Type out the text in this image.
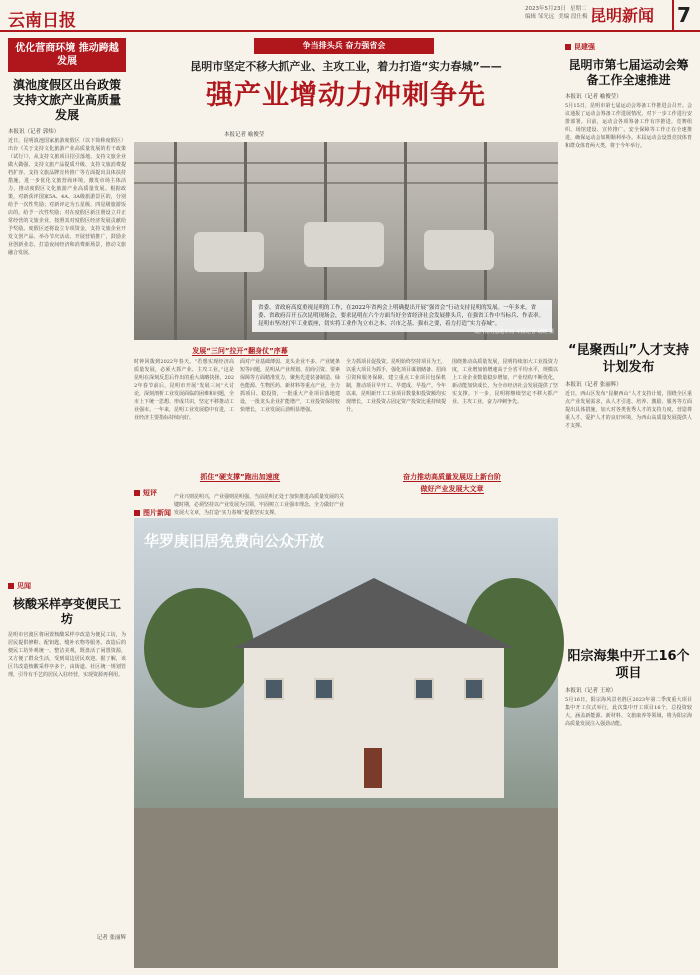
云南日报
2023年5月23日 星期二
编辑 邹光远 美编 段仕梅 昆明新闻 7
优化营商环境 推动跨越发展
滇池度假区出台政策支持文旅产业高质量发展
本报讯（记者 郭炜）
近日，昆明滇池国家旅游度假区（以下简称度假区）出台《关于支持文化旅游产业高质量发展的若干政策（试行）》，从支持文旅项目招引落地、支持文旅企业做大做强、支持文旅产品提质升级、支持文旅消费提档扩容、支持文旅品牌宣传推广等方面提出具体扶持措施，进一步优化文旅营商环境，激发市场主体活力，推动度假区文化旅游产业高质量发展。根据政策，对新获评国家5A、4A、3A级旅游景区的，分别给予一次性奖励；对新评定为五星级、四星级旅游饭店的，给予一次性奖励；对在度假区新注册设立并正常经营的文旅企业，按照其对度假区经济发展贡献给予奖励。度假区还将设立专项资金，支持文旅企业开发文创产品、举办节庆活动、开展营销推广，鼓励企业创新业态，打造夜间经济和消费新场景，推动文旅融合发展。
见闻
核酸采样亭变便民工坊
昆明市官渡区将闲置核酸采样亭改造为便民工坊，为居民提供修鞋、配钥匙、缝补衣物等服务。改造后的便民工坊外观统一、整洁美观，既盘活了闲置资源，又方便了群众生活，受到周边居民欢迎。据了解，该区共改造核酸采样亭多个，由街道、社区统一规划管理，引导有手艺的居民入驻经营，实现资源再利用。
记者 张丽辉
争当排头兵 奋力强省会
昆明市坚定不移大抓产业、主攻工业，着力打造“实力春城”——
强产业增动力冲刺争先
本报记者 喻俊莹
省委、省政府高度重视昆明的工作，在2022年省两会上明确提出开展“强省会”行动支持昆明的发展。一年多来，省委、省政府召开五次昆明现场会，要求昆明在六个方面当好全省经济社会发展排头兵，在强省工作中当标兵、作表率。昆明市坚决打牢工业底座，切实将工业作为立市之本、兴市之基、强市之要，着力打造“实力春城”。
北汽昆明基地车间 本报记者 胡晓 摄
发展“三问”拉开“翻身仗”序幕
时钟回拨到2022年春天。“若想实现经济高质量发展，必须大抓产业、主攻工业。”这是昆明在深刻反思后作出的重大战略抉择。2022年春节前后，昆明市开展“发展三问”大讨论，深刻剖析工业发展面临的困难和问题，全市上下统一思想、形成共识，坚定不移推动工业强市。一年来，昆明工业发展稳中有进，工业经济主要指标持续向好。
面对产业基础薄弱、龙头企业不多、产业链条短等问题，昆明从产业规划、招商引资、要素保障等方面精准发力，聚焦先进装备制造、绿色能源、生物医药、新材料等重点产业，全力抓项目、稳投资，一批重大产业项目落地建设，一批龙头企业扩能增产，工业投资保持较快增长，工业发展后劲明显增强。
全力抓项目促投资。昆明始终坚持项目为王，以重大项目为抓手，强化项目谋划储备、招商引资和服务保障，建立重点工业项目包保机制，推动项目早开工、早建成、早投产。今年以来，昆明新开工工业项目数量和投资额均实现增长，工业投资占固定资产投资比重持续提升。
围绕推动高质量发展，昆明持续加大工业投资力度，工业增加值增速高于全省平均水平，规模以上工业企业数量稳步增加，产业结构不断优化，新动能加快成长，为全市经济社会发展提供了坚实支撑。下一步，昆明将继续坚定不移大抓产业、主攻工业，奋力冲刺争先。
抓住“硬支撑”跑出加速度	奋力推动高质量发展迈上新台阶
短评	做好产业发展大文章
产业兴则昆明兴，产业强则昆明强。当前昆明正处于加快推进高质量发展的关键时期，必须坚持以产业发展为引领，牢固树立工业强市理念，全力做好产业发展大文章，为打造“实力春城”提供坚实支撑。
图片新闻
华罗庚旧居免费向公众开放
昆建强
昆明市第七届运动会筹备工作全速推进
本报讯（记者 喻俊莹）
5月15日，昆明市第七届运动会筹备工作推进会召开。会议通报了运动会筹备工作进展情况，对下一步工作进行安排部署。目前，运动会各项筹备工作有序推进，竞赛组织、场馆建设、宣传推广、安全保障等工作正在全速推进，确保运动会如期顺利举办。本届运动会设置竞技体育和群众体育两大类，将于今年举行。
“昆聚西山”人才支持计划发布
本报讯（记者 张丽辉）
近日，西山区发布“昆聚西山”人才支持计划，围绕全区重点产业发展需求，从人才引进、培养、激励、服务等方面提出具体措施，加大对各类优秀人才的支持力度，营造尊重人才、爱护人才的良好环境，为西山高质量发展提供人才支撑。
阳宗海集中开工16个项目
本报讯（记者 王琼）
5月16日，阳宗海风景名胜区2023年第二季度重大项目集中开工仪式举行，此次集中开工项目16个，总投资较大，涵盖新能源、新材料、文旅康养等领域，将为阳宗海高质量发展注入强劲动能。
